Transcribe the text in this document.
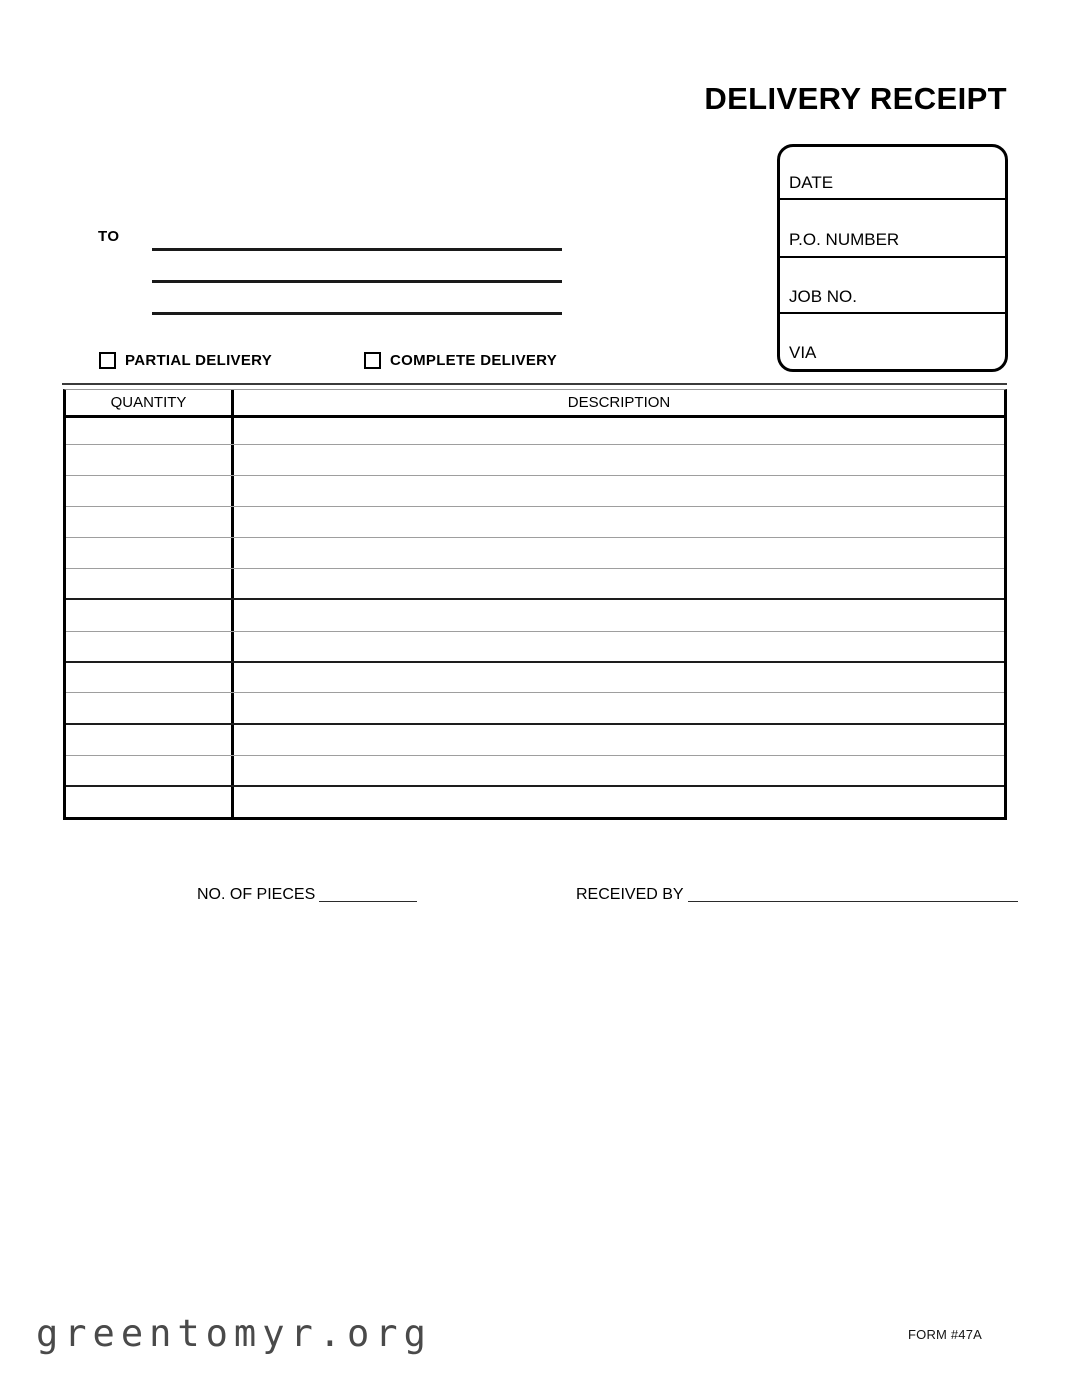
DELIVERY RECEIPT
DATE
P.O. NUMBER
JOB NO.
VIA
TO
PARTIAL DELIVERY	COMPLETE DELIVERY
QUANTITY	DESCRIPTION
NO. OF PIECES	RECEIVED BY
greentomyr.org	FORM #47A
